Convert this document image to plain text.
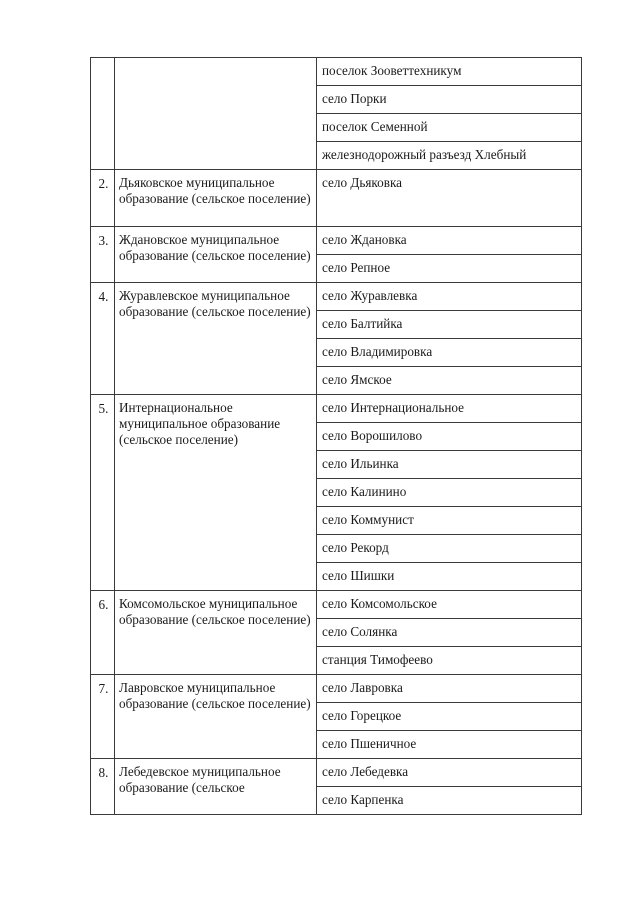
		поселок Зооветтехникум

		село Порки

		поселок Семенной

		железнодорожный разъезд Хлебный

2.	Дьяковское муниципальное образование (сельское поселение)	село Дьяковка

3.	Ждановское муниципальное образование (сельское поселение)	село Ждановка

		село Репное

4.	Журавлевское муниципальное образование (сельское поселение)	село Журавлевка

		село Балтийка

		село Владимировка

		село Ямское

5.	Интернациональное муниципальное образование (сельское поселение)	село Интернациональное

		село Ворошилово

		село Ильинка

		село Калинино

		село Коммунист

		село Рекорд

		село Шишки

6.	Комсомольское муниципальное образование (сельское поселение)	село Комсомольское

		село Солянка

		станция Тимофеево

7.	Лавровское муниципальное образование (сельское поселение)	село Лавровка

		село Горецкое

		село Пшеничное

8.	Лебедевское муниципальное образование (сельское	село Лебедевка

		село Карпенка
